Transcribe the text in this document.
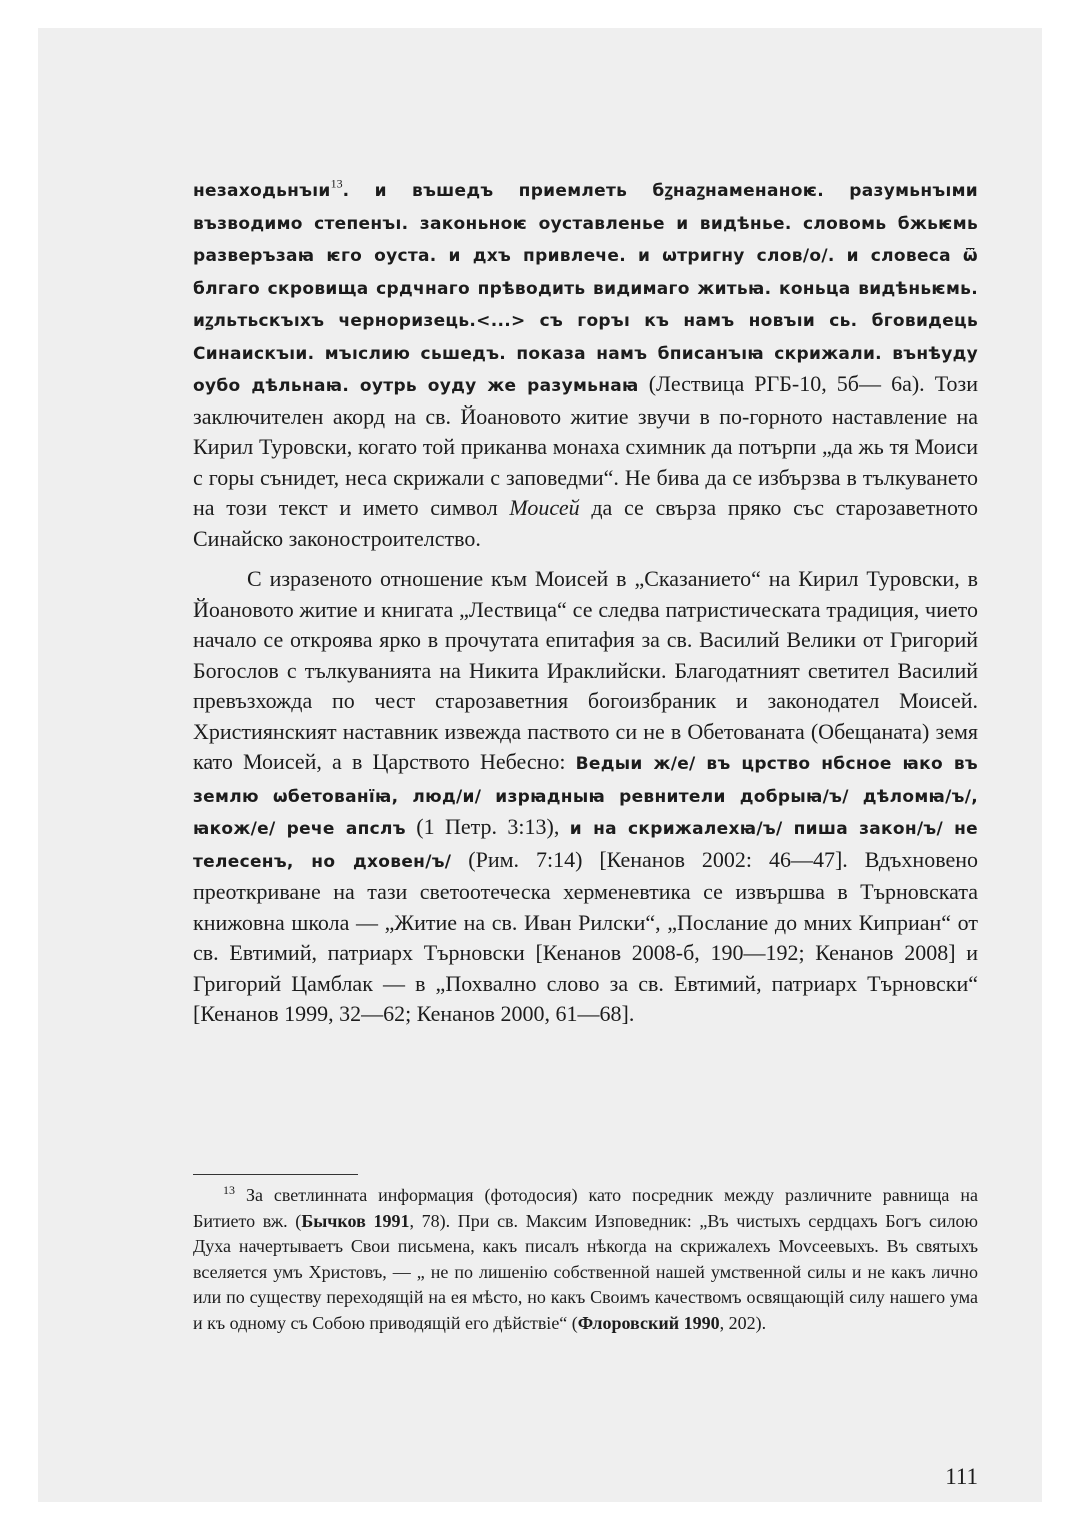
незаходьнъıи$^{13}$. и въшедъ приемлеть бꙁнаꙁнаменаноѥ. разумьнъıми възводимо степенъı. законьноѥ оуставленье и видѣнье. словомь бжьѥмь разверъзаꙗ ѥго оуста. и дхъ привлече. и ѡтригну слов/о/. и словеса ѿ блгаго скровища срдчнаго прѣводить видимаго житьꙗ. коньца видѣньѥмь. иꙁльтьскъıхъ черноризець.<...> съ горъı къ намъ новъıи сь. бговидець Синаискъıи. мъıслию сьшедъ. показа намъ бписанъıꙗ скрижали. вънѣуду оубо дѣльнаꙗ. оутрь оуду же разумьнаꙗ (Лествица РГБ-10, 5б— 6а). Този заключителен акорд на св. Йоановото житие звучи в по-горното наставление на Кирил Туровски, когато той приканва монаха схимник да потърпи „да жь тя Моиси с горы сънидет, неса скрижали с заповедми“. Не бива да се избързва в тълкуването на този текст и името символ Моисей да се свърза пряко със старозаветното Синайско законостроителство.

С изразеното отношение към Моисей в „Сказанието“ на Кирил Туровски, в Йоановото житие и книгата „Лествица“ се следва патристическата традиция, чието начало се откроява ярко в прочутата епитафия за св. Василий Велики от Григорий Богослов с тълкуванията на Никита Ираклийски. Благодатният светител Василий превъзхожда по чест старозаветния богоизбраник и законодател Моисей. Християнският наставник извежда паството си не в Обетованата (Обещаната) земя като Моисей, а в Царството Небесно: Ведыи ж/е/ въ црство нбсное ꙗко въ землю ѡбетованїꙗ, люд/и/ изрꙗдныꙗ ревнители добрыꙗ/ъ/ дѣломꙗ/ъ/, ꙗкож/е/ рече апслъ (1 Петр. 3:13), и на скрижалехꙗ/ъ/ пиша закон/ъ/ не телесенъ, но дховен/ъ/ (Рим. 7:14) [Кенанов 2002: 46—47]. Вдъхновено преоткриване на тази светоотеческа херменевтика се извършва в Търновската книжовна школа — „Житие на св. Иван Рилски“, „Послание до мних Киприан“ от св. Евтимий, патриарх Търновски [Кенанов 2008-б, 190—192; Кенанов 2008] и Григорий Цамблак — в „Похвално слово за св. Евтимий, патриарх Търновски“ [Кенанов 1999, 32—62; Кенанов 2000, 61—68].

$^{13}$ За светлинната информация (фотодосия) като посредник между различните равнища на Битието вж. (Бычков 1991, 78). При св. Максим Изповедник: „Въ чистыхъ сердцахъ Богъ силою Духа начертываетъ Свои письмена, какъ писалъ нѣкогда на скрижалехъ Моvсеевыхъ. Въ святыхъ вселяется умъ Христовъ, — „ не по лишенію собственной нашей умственной силы и не какъ лично или по существу переходящій на ея мѣсто, но какъ Своимъ качествомъ освящающій силу нашего ума и къ одному съ Собою приводящій его дѣйствіе“ (Флоровский 1990, 202).

111
